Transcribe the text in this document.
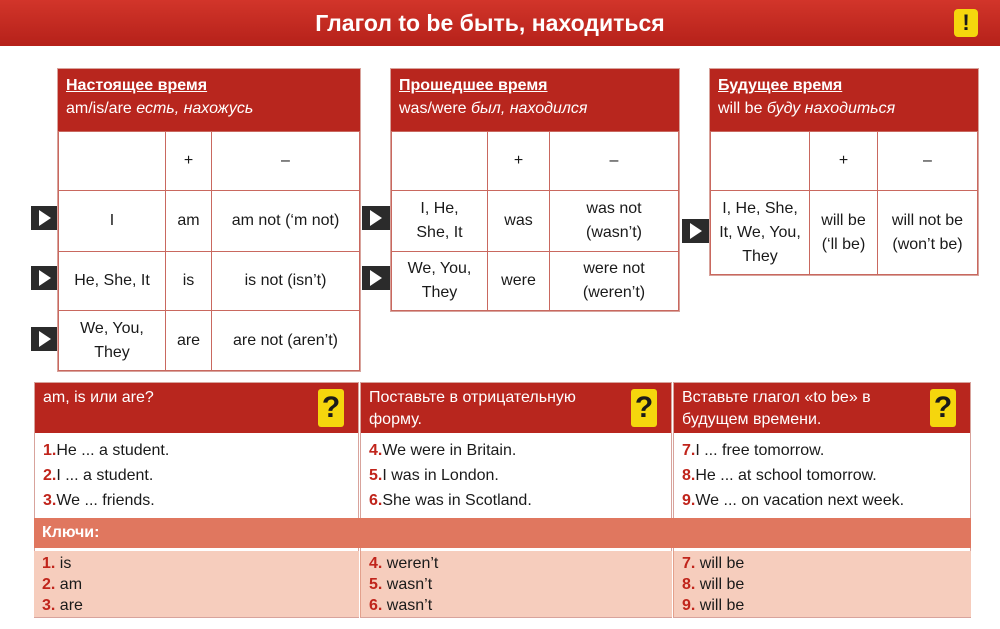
Глагол to be быть, находиться	!
Настоящее время
am/is/are есть, нахожусь
	+	–
I	am	am not (‘m not)
He, She, It	is	is not (isn’t)
We, You, They	are	are not (aren’t)
Прошедшее время
was/were был, находился
	+	–
I, He, She, It	was	was not (wasn’t)
We, You, They	were	were not (weren’t)
Будущее время
will be буду находиться
	+	–
I, He, She, It, We, You, They	will be (‘ll be)	will not be (won’t be)
am, is или are?	?
1.He ... a student.
2.I ... a student.
3.We ... friends.
Поставьте в отрицательную форму.	?
4.We were in Britain.
5.I was in London.
6.She was in Scotland.
Вставьте глагол «to be» в будущем времени.	?
7.I ... free tomorrow.
8.He ... at school tomorrow.
9.We ... on vacation next week.
Ключи:
1. is
2. am
3. are
4. weren’t
5. wasn’t
6. wasn’t
7. will be
8. will be
9. will be
